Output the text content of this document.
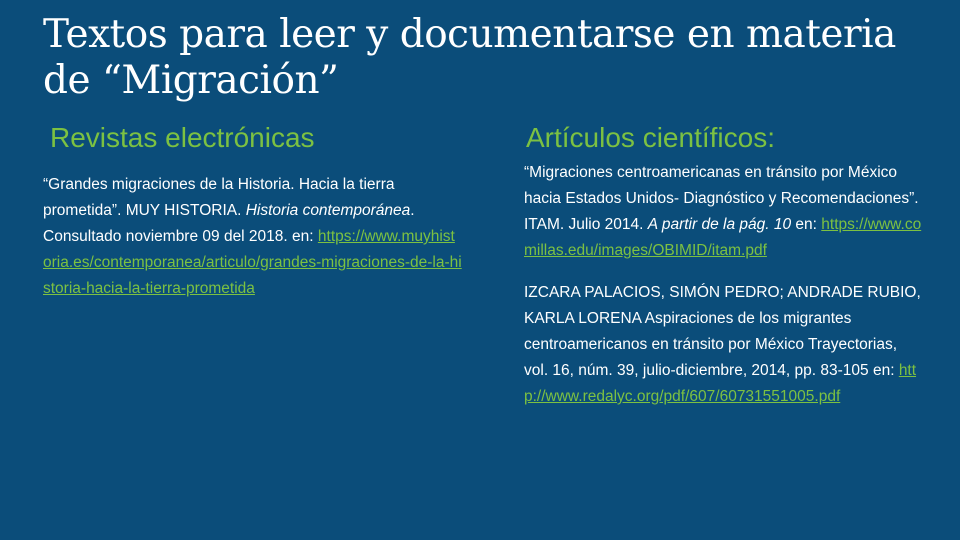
Textos para leer y documentarse en materia de “Migración”
Revistas electrónicas	Artículos científicos:

“Grandes migraciones de la Historia. Hacia la tierra prometida”. MUY HISTORIA. Historia contemporánea. Consultado noviembre 09 del 2018. en: https://www.muyhistoria.es/contemporanea/articulo/grandes-migraciones-de-la-historia-hacia-la-tierra-prometida

“Migraciones centroamericanas en tránsito por México hacia Estados Unidos- Diagnóstico y Recomendaciones”. ITAM. Julio 2014. A partir de la pág. 10 en: https://www.comillas.edu/images/OBIMID/itam.pdf

IZCARA PALACIOS, SIMÓN PEDRO; ANDRADE RUBIO, KARLA LORENA Aspiraciones de los migrantes centroamericanos en tránsito por México Trayectorias, vol. 16, núm. 39, julio-diciembre, 2014, pp. 83-105 en: http://www.redalyc.org/pdf/607/60731551005.pdf
